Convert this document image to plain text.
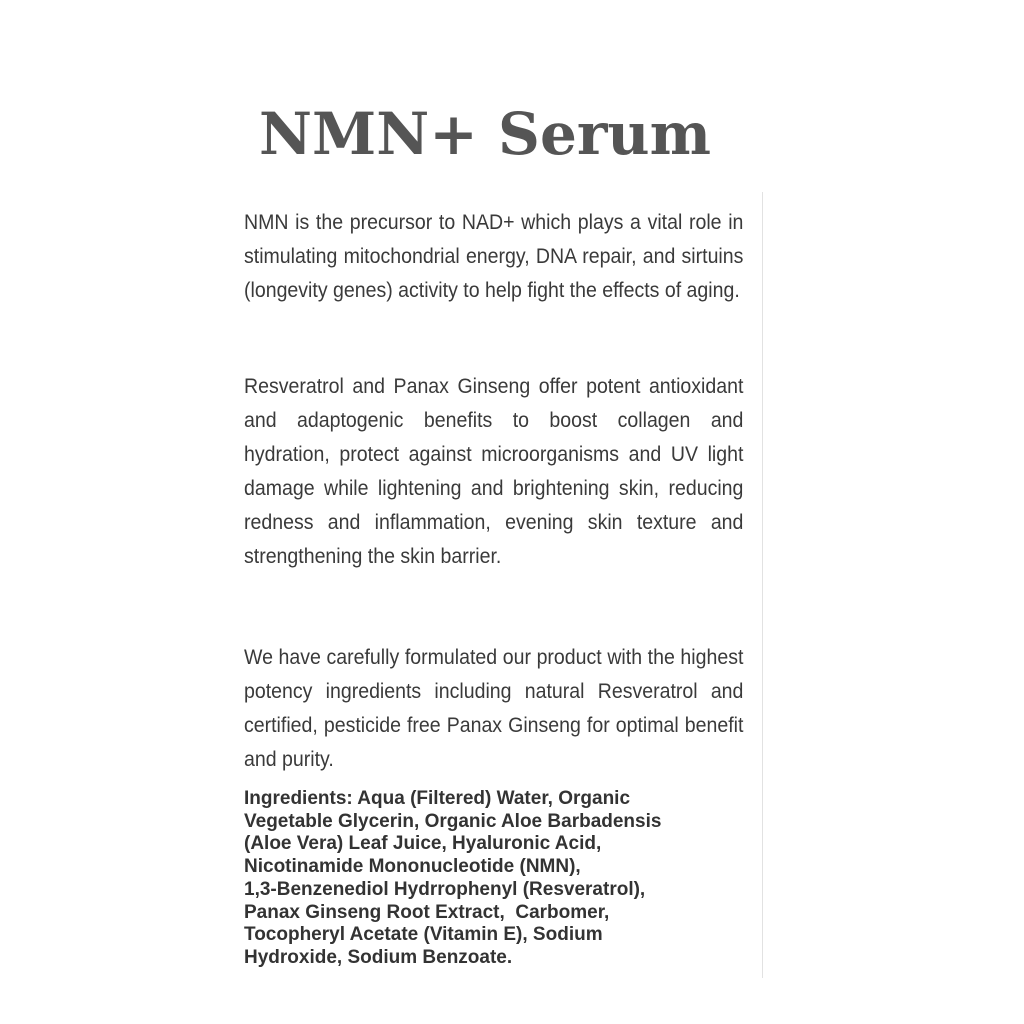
NMN+ Serum

NMN is the precursor to NAD+ which plays a vital role in stimulating mitochondrial energy, DNA repair, and sirtuins (longevity genes) activity to help fight the effects of aging.

Resveratrol and Panax Ginseng offer potent antioxidant and adaptogenic benefits to boost collagen and hydration, protect against microorganisms and UV light damage while lightening and brightening skin, reducing redness and inflammation, evening skin texture and strengthening the skin barrier.

We have carefully formulated our product with the highest potency ingredients including natural Resveratrol and certified, pesticide free Panax Ginseng for optimal benefit and purity.

Ingredients: Aqua (Filtered) Water, Organic
Vegetable Glycerin, Organic Aloe Barbadensis
(Aloe Vera) Leaf Juice, Hyaluronic Acid,
Nicotinamide Mononucleotide (NMN),
1,3-Benzenediol Hydrrophenyl (Resveratrol),
Panax Ginseng Root Extract,  Carbomer,
Tocopheryl Acetate (Vitamin E), Sodium
Hydroxide, Sodium Benzoate.
